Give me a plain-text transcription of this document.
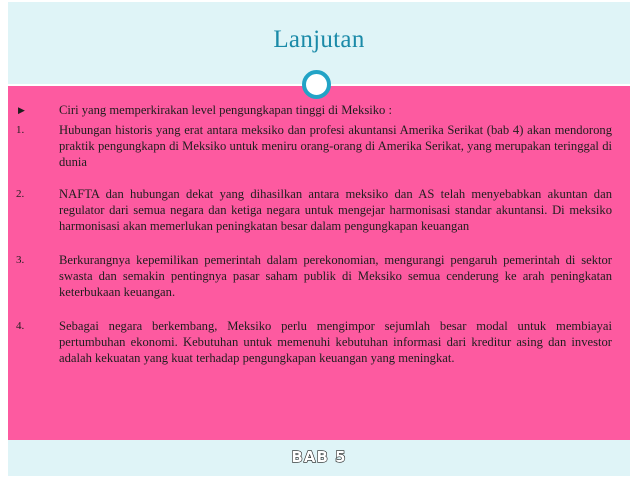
Lanjutan
▶	Ciri yang memperkirakan level pengungkapan tinggi di Meksiko :
1.	Hubungan historis yang erat antara meksiko dan profesi akuntansi Amerika Serikat (bab 4) akan mendorong praktik pengungkapn di Meksiko untuk meniru orang-orang di Amerika Serikat, yang merupakan teringgal di dunia
2.	NAFTA dan hubungan dekat yang dihasilkan antara meksiko dan AS telah menyebabkan akuntan dan regulator dari semua negara dan ketiga negara untuk mengejar harmonisasi standar akuntansi. Di meksiko harmonisasi akan memerlukan peningkatan besar dalam pengungkapan keuangan
3.	Berkurangnya kepemilikan pemerintah dalam perekonomian, mengurangi pengaruh pemerintah di sektor swasta dan semakin pentingnya pasar saham publik di Meksiko semua cenderung ke arah peningkatan keterbukaan keuangan.
4.	Sebagai negara berkembang, Meksiko perlu mengimpor sejumlah besar modal untuk membiayai pertumbuhan ekonomi. Kebutuhan untuk memenuhi kebutuhan informasi dari kreditur asing dan investor adalah kekuatan yang kuat terhadap pengungkapan keuangan yang meningkat.
BAB 5
